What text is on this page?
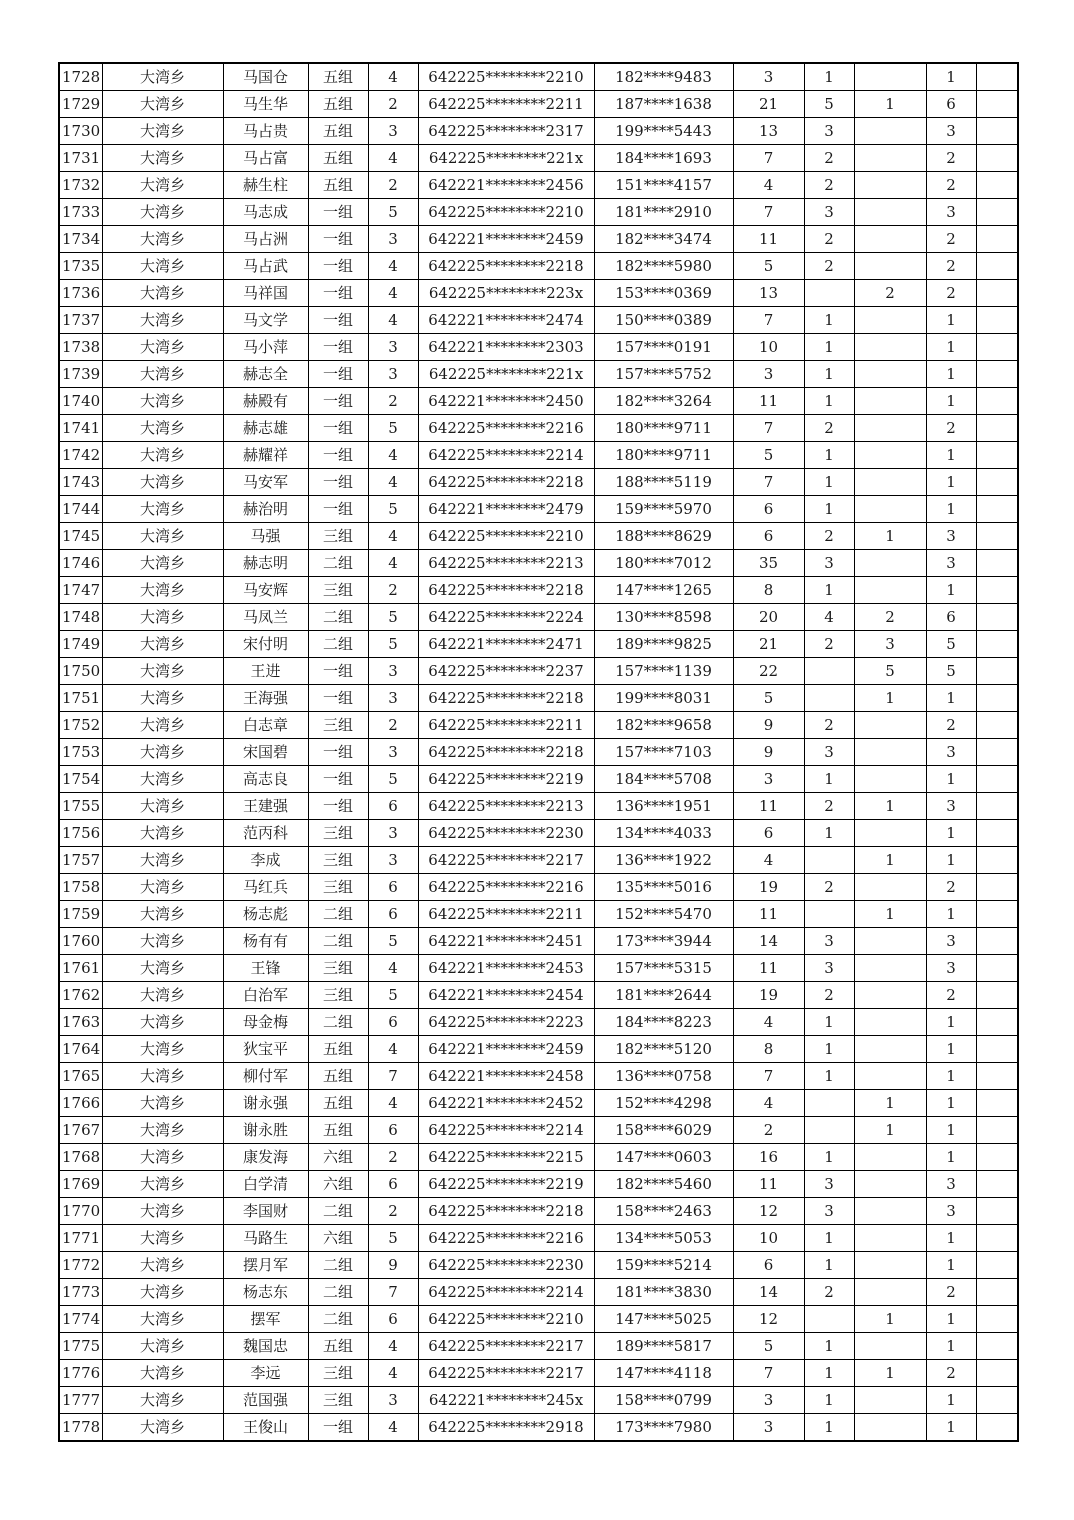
1728	大湾乡	马国仓	五组	4	642225********2210	182****9483	3	1		1	
1729	大湾乡	马生华	五组	2	642225********2211	187****1638	21	5	1	6	
1730	大湾乡	马占贵	五组	3	642225********2317	199****5443	13	3		3	
1731	大湾乡	马占富	五组	4	642225********221x	184****1693	7	2		2	
1732	大湾乡	赫生柱	五组	2	642221********2456	151****4157	4	2		2	
1733	大湾乡	马志成	一组	5	642225********2210	181****2910	7	3		3	
1734	大湾乡	马占洲	一组	3	642221********2459	182****3474	11	2		2	
1735	大湾乡	马占武	一组	4	642225********2218	182****5980	5	2		2	
1736	大湾乡	马祥国	一组	4	642225********223x	153****0369	13		2	2	
1737	大湾乡	马文学	一组	4	642221********2474	150****0389	7	1		1	
1738	大湾乡	马小萍	一组	3	642221********2303	157****0191	10	1		1	
1739	大湾乡	赫志全	一组	3	642225********221x	157****5752	3	1		1	
1740	大湾乡	赫殿有	一组	2	642221********2450	182****3264	11	1		1	
1741	大湾乡	赫志雄	一组	5	642225********2216	180****9711	7	2		2	
1742	大湾乡	赫耀祥	一组	4	642225********2214	180****9711	5	1		1	
1743	大湾乡	马安军	一组	4	642225********2218	188****5119	7	1		1	
1744	大湾乡	赫治明	一组	5	642221********2479	159****5970	6	1		1	
1745	大湾乡	马强	三组	4	642225********2210	188****8629	6	2	1	3	
1746	大湾乡	赫志明	二组	4	642225********2213	180****7012	35	3		3	
1747	大湾乡	马安辉	三组	2	642225********2218	147****1265	8	1		1	
1748	大湾乡	马凤兰	二组	5	642225********2224	130****8598	20	4	2	6	
1749	大湾乡	宋付明	二组	5	642221********2471	189****9825	21	2	3	5	
1750	大湾乡	王进	一组	3	642225********2237	157****1139	22		5	5	
1751	大湾乡	王海强	一组	3	642225********2218	199****8031	5		1	1	
1752	大湾乡	白志章	三组	2	642225********2211	182****9658	9	2		2	
1753	大湾乡	宋国碧	一组	3	642225********2218	157****7103	9	3		3	
1754	大湾乡	高志良	一组	5	642225********2219	184****5708	3	1		1	
1755	大湾乡	王建强	一组	6	642225********2213	136****1951	11	2	1	3	
1756	大湾乡	范丙科	三组	3	642225********2230	134****4033	6	1		1	
1757	大湾乡	李成	三组	3	642225********2217	136****1922	4		1	1	
1758	大湾乡	马红兵	三组	6	642225********2216	135****5016	19	2		2	
1759	大湾乡	杨志彪	二组	6	642225********2211	152****5470	11		1	1	
1760	大湾乡	杨有有	二组	5	642221********2451	173****3944	14	3		3	
1761	大湾乡	王锋	三组	4	642221********2453	157****5315	11	3		3	
1762	大湾乡	白治军	三组	5	642221********2454	181****2644	19	2		2	
1763	大湾乡	母金梅	二组	6	642225********2223	184****8223	4	1		1	
1764	大湾乡	狄宝平	五组	4	642221********2459	182****5120	8	1		1	
1765	大湾乡	柳付军	五组	7	642221********2458	136****0758	7	1		1	
1766	大湾乡	谢永强	五组	4	642221********2452	152****4298	4		1	1	
1767	大湾乡	谢永胜	五组	6	642225********2214	158****6029	2		1	1	
1768	大湾乡	康发海	六组	2	642225********2215	147****0603	16	1		1	
1769	大湾乡	白学清	六组	6	642225********2219	182****5460	11	3		3	
1770	大湾乡	李国财	二组	2	642225********2218	158****2463	12	3		3	
1771	大湾乡	马路生	六组	5	642225********2216	134****5053	10	1		1	
1772	大湾乡	摆月军	二组	9	642225********2230	159****5214	6	1		1	
1773	大湾乡	杨志东	二组	7	642225********2214	181****3830	14	2		2	
1774	大湾乡	摆军	二组	6	642225********2210	147****5025	12		1	1	
1775	大湾乡	魏国忠	五组	4	642225********2217	189****5817	5	1		1	
1776	大湾乡	李远	三组	4	642225********2217	147****4118	7	1	1	2	
1777	大湾乡	范国强	三组	3	642221********245x	158****0799	3	1		1	
1778	大湾乡	王俊山	一组	4	642225********2918	173****7980	3	1		1	
